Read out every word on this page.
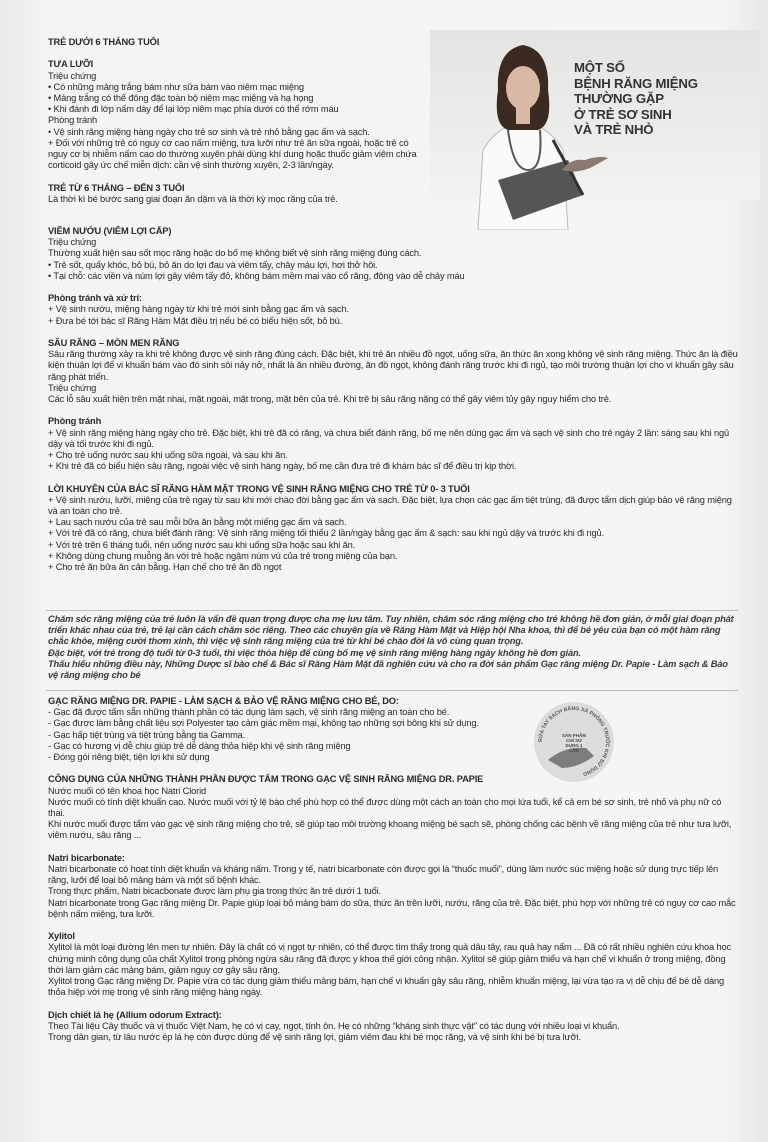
MỘT SỐ
BỆNH RĂNG MIỆNG
THƯỜNG GẶP
Ở TRẺ SƠ SINH
VÀ TRẺ NHỎ
RỬA TAY SẠCH BẰNG XÀ PHÒNG TRƯỚC KHI SỬ DỤNG
SẢN PHẨM CHỈ SỬ DỤNG 1 LẦN
TRẺ DƯỚI 6 THÁNG TUỔI
TƯA LƯỠI
Triệu chứng
• Có những mảng trắng bám như sữa bám vào niêm mạc miệng
• Mảng trắng có thể đông đặc toàn bộ niêm mạc miệng và hạ họng
• Khi đánh đi lớp nấm dày để lại lớp niêm mạc phía dưới có thể rớm máu
Phòng tránh
• Vệ sinh răng miệng hàng ngày cho trẻ sơ sinh và trẻ nhỏ bằng gạc ấm và sạch.
+ Đối với những trẻ có nguy cơ cao nấm miệng, tưa lưỡi như trẻ ăn sữa ngoài, hoặc trẻ có nguy cơ bị nhiễm nấm cao do thường xuyên phải dùng khí dung hoặc thuốc giảm viêm chứa corticoid gây ức chế miễn dịch: cần vệ sinh thường xuyên, 2-3 lần/ngày.
TRẺ TỪ 6 THÁNG – ĐẾN 3 TUỔI
Là thời kì bé bước sang giai đoạn ăn dặm và là thời kỳ mọc răng của trẻ.
VIÊM NƯỚU (VIÊM LỢI CẤP)
Triệu chứng
Thường xuất hiện sau sốt mọc răng hoặc do bố mẹ không biết vệ sinh răng miệng đúng cách.
• Trẻ sốt, quấy khóc, bỏ bú, bỏ ăn do lợi đau và viêm tấy, chảy máu lợi, hơi thở hôi.
• Tại chỗ: các viền và núm lợi gây viêm tấy đỏ, không bám mềm mại vào cổ răng, động vào dễ chảy máu
Phòng tránh và xử trí:
+ Vệ sinh nướu, miệng hàng ngày từ khi trẻ mới sinh bằng gạc ấm và sạch.
+ Đưa bé tới bác sĩ Răng Hàm Mặt điều trị nếu bé có biểu hiện sốt, bỏ bú.
SÂU RĂNG – MÒN MEN RĂNG
Sâu răng thường xảy ra khi trẻ không được vệ sinh răng đúng cách. Đặc biệt, khi trẻ ăn nhiều đồ ngọt, uống sữa, ăn thức ăn xong không vệ sinh răng miệng. Thức ăn là điều kiện thuận lợi để vi khuẩn bám vào đó sinh sôi nảy nở, nhất là ăn nhiều đường, ăn đồ ngọt, không đánh răng trước khi đi ngủ, tạo môi trường thuận lợi cho vi khuẩn gây sâu răng phát triển.
Triệu chứng
Các lỗ sâu xuất hiện trên mặt nhai, mặt ngoài, mặt trong, mặt bên của trẻ. Khi trẻ bị sâu răng nặng có thể gây viêm tủy gây nguy hiểm cho trẻ.
Phòng tránh
+ Vệ sinh răng miệng hàng ngày cho trẻ. Đặc biệt, khi trẻ đã có răng, và chưa biết đánh răng, bố mẹ nên dùng gạc ấm và sạch vệ sinh cho trẻ ngày 2 lần: sáng sau khi ngủ dậy và tối trước khi đi ngủ.
+ Cho trẻ uống nước sau khi uống sữa ngoài, và sau khi ăn.
+ Khi trẻ đã có biểu hiện sâu răng, ngoài việc vệ sinh hàng ngày, bố mẹ cần đưa trẻ đi khám bác sĩ để điều trị kịp thời.
LỜI KHUYÊN CỦA BÁC SĨ RĂNG HÀM MẶT TRONG VỆ SINH RĂNG MIỆNG CHO TRẺ TỪ 0- 3 TUỔI
+ Vệ sinh nướu, lưỡi, miệng của trẻ ngay từ sau khi mới chào đời bằng gạc ấm và sạch. Đặc biệt, lựa chọn các gạc ấm tiệt trùng, đã được tẩm dịch giúp bảo vệ răng miệng và an toàn cho trẻ.
+ Lau sạch nướu của trẻ sau mỗi bữa ăn bằng một miếng gạc ấm và sạch.
+ Với trẻ đã có răng, chưa biết đánh răng: Vệ sinh răng miệng tối thiểu 2 lần/ngày bằng gạc ấm & sạch: sau khi ngủ dậy và trước khi đi ngủ.
+ Với trẻ trên 6 tháng tuổi, nên uống nước sau khi uống sữa hoặc sau khi ăn.
+ Không dùng chung muỗng ăn với trẻ hoặc ngậm núm vú của trẻ trong miệng của bạn.
+ Cho trẻ ăn bữa ăn cân bằng. Hạn chế cho trẻ ăn đồ ngọt
Chăm sóc răng miệng của trẻ luôn là vấn đề quan trọng được cha mẹ lưu tâm. Tuy nhiên, chăm sóc răng miệng cho trẻ không hề đơn giản, ở mỗi giai đoạn phát triển khác nhau của trẻ, trẻ lại cần cách chăm sóc riêng. Theo các chuyên gia về Răng Hàm Mặt và Hiệp hội Nha khoa, thì để bé yêu của bạn có một hàm răng chắc khỏe, miệng cười thơm xinh, thì việc vệ sinh răng miệng của trẻ từ khi bé chào đời là vô cùng quan trọng.
Đặc biệt, với trẻ trong độ tuổi từ 0-3 tuổi, thì việc thỏa hiệp để cùng bố mẹ vệ sinh răng miệng hàng ngày không hề đơn giản.
Thấu hiểu những điều này, Những Dược sĩ bào chế & Bác sĩ Răng Hàm Mặt đã nghiên cứu và cho ra đời sản phẩm Gạc răng miệng Dr. Papie - Làm sạch & Bảo vệ răng miệng cho bé
GẠC RĂNG MIỆNG DR. PAPIE - LÀM SẠCH & BẢO VỆ RĂNG MIỆNG CHO BÉ, DO:
- Gạc đã được tẩm sẵn những thành phần có tác dụng làm sạch, vệ sinh răng miệng an toàn cho bé.
- Gạc được làm bằng chất liệu sợi Polyester tạo cảm giác mềm mại, không tạo những sợi bông khi sử dụng.
- Gạc hấp tiệt trùng và tiệt trùng bằng tia Gamma.
- Gạc có hương vị dễ chịu giúp trẻ dễ dàng thỏa hiệp khi vệ sinh răng miệng
- Đóng gói riêng biệt, tiện lợi khi sử dụng
CÔNG DỤNG CỦA NHỮNG THÀNH PHẦN ĐƯỢC TẨM TRONG GẠC VỆ SINH RĂNG MIỆNG DR. PAPIE
Nước muối có tên khoa học Natri Clorid
Nước muối có tính diệt khuẩn cao. Nước muối với tỷ lệ bào chế phù hợp có thể được dùng một cách an toàn cho mọi lứa tuổi, kể cả em bé sơ sinh, trẻ nhỏ và phụ nữ có thai.
Khi nước muối được tẩm vào gạc vệ sinh răng miệng cho trẻ, sẽ giúp tạo môi trường khoang miệng bé sạch sẽ, phòng chống các bệnh về răng miệng của trẻ như tưa lưỡi, viêm nướu, sâu răng ...
Natri bicarbonate:
Natri bicarbonate có hoạt tính diệt khuẩn và kháng nấm. Trong y tế, natri bicarbonate còn được gọi là “thuốc muối”, dùng làm nước súc miệng hoặc sử dụng trực tiếp lên răng, lưỡi để loại bỏ mảng bám và một số bệnh khác.
Trong thực phẩm, Natri bicacbonate được làm phụ gia trong thức ăn trẻ dưới 1 tuổi.
Natri bicarbonate trong Gạc răng miệng Dr. Papie giúp loại bỏ mảng bám do sữa, thức ăn trên lưỡi, nướu, răng của trẻ. Đặc biệt, phù hợp với những trẻ có nguy cơ cao mắc bệnh nấm miệng, tưa lưỡi.
Xylitol
Xylitol là một loại đường lên men tự nhiên. Đây là chất có vị ngọt tự nhiên, có thể được tìm thấy trong quả dâu tây, rau quả hay nấm ... Đã có rất nhiều nghiên cứu khoa học chứng minh công dụng của chất Xylitol trong phòng ngừa sâu răng đã được y khoa thế giới công nhận. Xylitol sẽ giúp giảm thiểu và hạn chế vi khuẩn ở trong miệng, đồng thời làm giảm các mảng bám, giảm nguy cơ gây sâu răng.
Xylitol trong Gạc răng miệng Dr. Papie vừa có tác dụng giảm thiểu mảng bám, hạn chế vi khuẩn gây sâu răng, nhiễm khuẩn miệng, lại vừa tạo ra vị dễ chịu để bé dễ dàng thỏa hiệp với mẹ trong vệ sinh răng miệng hàng ngày.
Dịch chiết lá hẹ (Allium odorum Extract):
Theo Tài liệu Cây thuốc và vị thuốc Việt Nam, hẹ có vị cay, ngọt, tính ôn. Hẹ có những “kháng sinh thực vật” có tác dụng với nhiều loại vi khuẩn.
Trong dân gian, từ lâu nước ép lá hẹ còn được dùng để vệ sinh răng lợi, giảm viêm đau khi bé mọc răng, và vệ sinh khi bé bị tưa lưỡi.
